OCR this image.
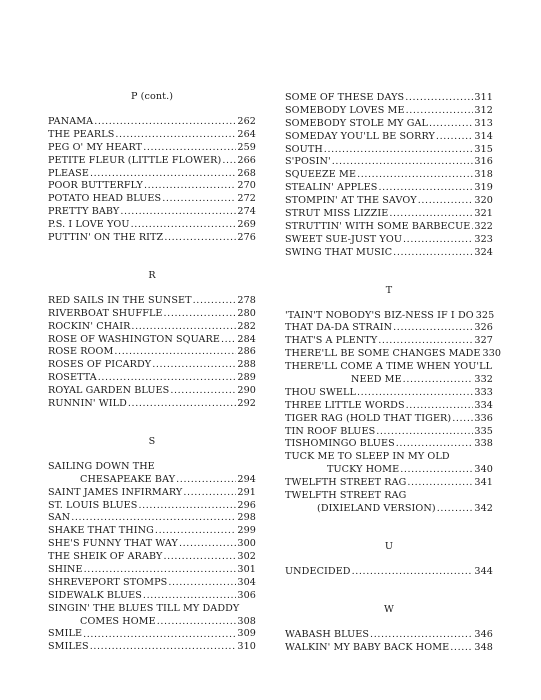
P (cont.)
PANAMA .....	262
THE PEARLS .....	264
PEG O' MY HEART .....	259
PETITE FLEUR (LITTLE FLOWER) ..... 266
PLEASE .....	268
POOR BUTTERFLY .....	270
POTATO HEAD BLUES .....	272
PRETTY BABY .....	274
P.S. I LOVE YOU .....	269
PUTTIN' ON THE RITZ .....	276
R
RED SAILS IN THE SUNSET .....	278
RIVERBOAT SHUFFLE .....	280
ROCKIN' CHAIR .....	282
ROSE OF WASHINGTON SQUARE ..... 284
ROSE ROOM .....	286
ROSES OF PICARDY .....	288
ROSETTA .....	289
ROYAL GARDEN BLUES .....	290
RUNNIN' WILD .....	292
S
SAILING DOWN THE
CHESAPEAKE BAY .....	294
SAINT JAMES INFIRMARY .....	291
ST. LOUIS BLUES .....	296
SAN .....	298
SHAKE THAT THING .....	299
SHE'S FUNNY THAT WAY .....	300
THE SHEIK OF ARABY .....	302
SHINE .....	301
SHREVEPORT STOMPS .....	304
SIDEWALK BLUES .....	306
SINGIN' THE BLUES TILL MY DADDY
COMES HOME .....	308
SMILE .....	309
SMILES .....	310
SOME OF THESE DAYS .....	311
SOMEBODY LOVES ME .....	312
SOMEBODY STOLE MY GAL .....	313
SOMEDAY YOU'LL BE SORRY .....	314
SOUTH .....	315
S'POSIN' .....	316
SQUEEZE ME .....	318
STEALIN' APPLES .....	319
STOMPIN' AT THE SAVOY .....	320
STRUT MISS LIZZIE .....	321
STRUTTIN' WITH SOME BARBECUE ..... 322
SWEET SUE-JUST YOU .....	323
SWING THAT MUSIC .....	324
T
'TAIN'T NOBODY'S BIZ-NESS IF I DO 325
THAT DA-DA STRAIN .....	326
THAT'S A PLENTY .....	327
THERE'LL BE SOME CHANGES MADE 330
THERE'LL COME A TIME WHEN YOU'LL
NEED ME .....	332
THOU SWELL .....	333
THREE LITTLE WORDS .....	334
TIGER RAG (HOLD THAT TIGER) ..... 336
TIN ROOF BLUES .....	335
TISHOMINGO BLUES .....	338
TUCK ME TO SLEEP IN MY OLD
TUCKY HOME .....	340
TWELFTH STREET RAG .....	341
TWELFTH STREET RAG
(DIXIELAND VERSION) .....	342
U
UNDECIDED .....	344
W
WABASH BLUES .....	346
WALKIN' MY BABY BACK HOME .....	348
